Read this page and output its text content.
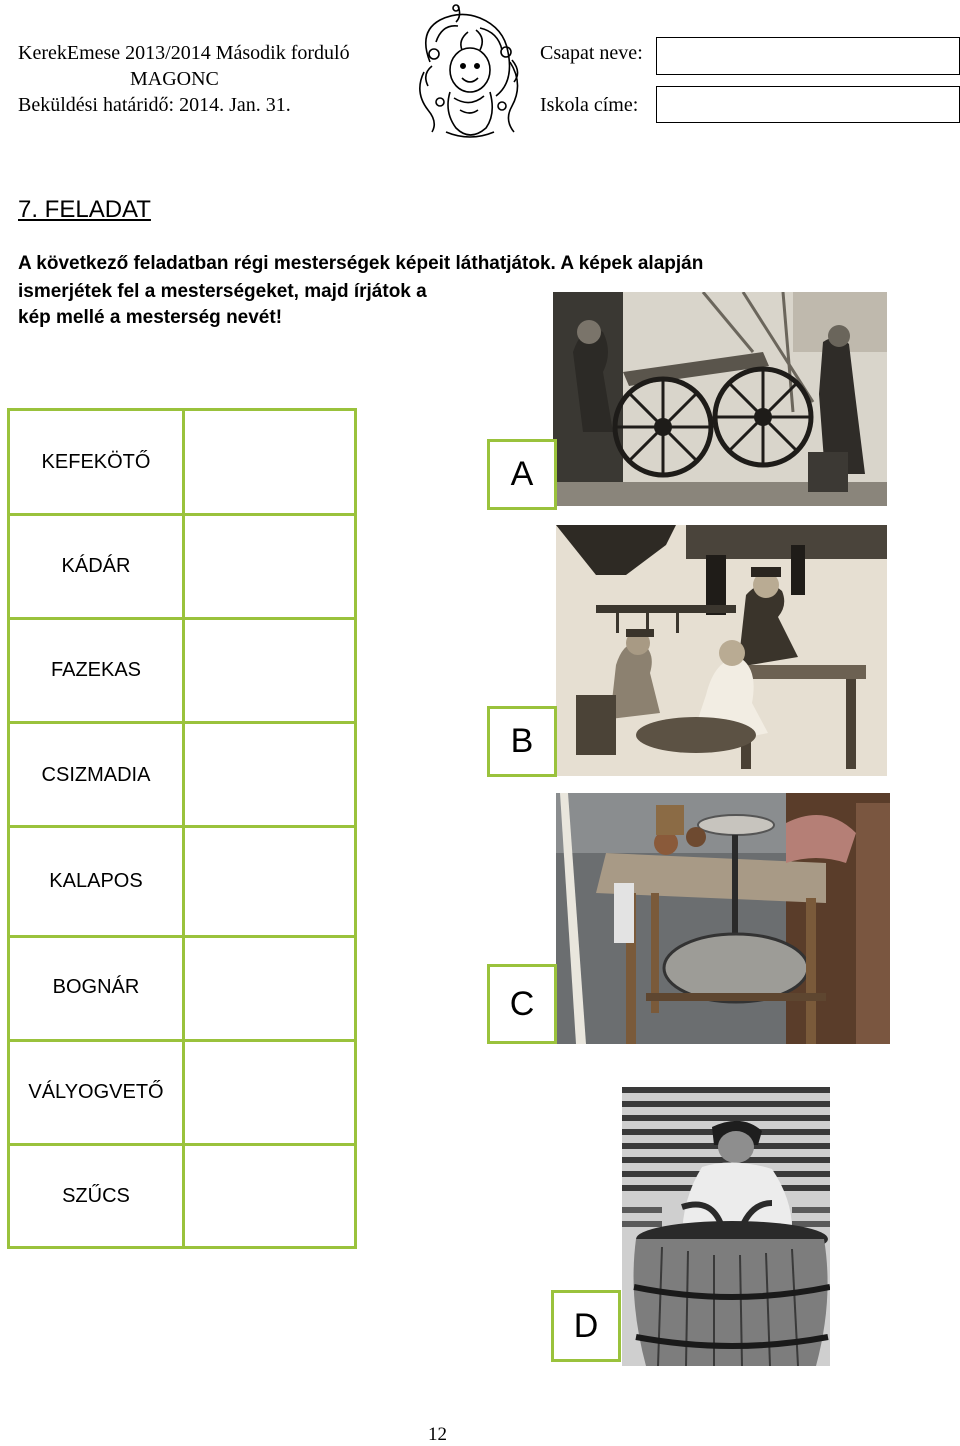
KerekEmese 2013/2014 Második forduló
MAGONC
Beküldési határidő: 2014. Jan. 31.
Csapat neve:
Iskola címe:
7. FELADAT
A következő feladatban régi mesterségek képeit láthatjátok. A képek alapján
ismerjétek fel a mesterségeket, majd írjátok a
kép mellé a mesterség nevét!
KEFEKÖTŐ
KÁDÁR
FAZEKAS
CSIZMADIA
KALAPOS
BOGNÁR
VÁLYOGVETŐ
SZŰCS
A
B
C
D
12
